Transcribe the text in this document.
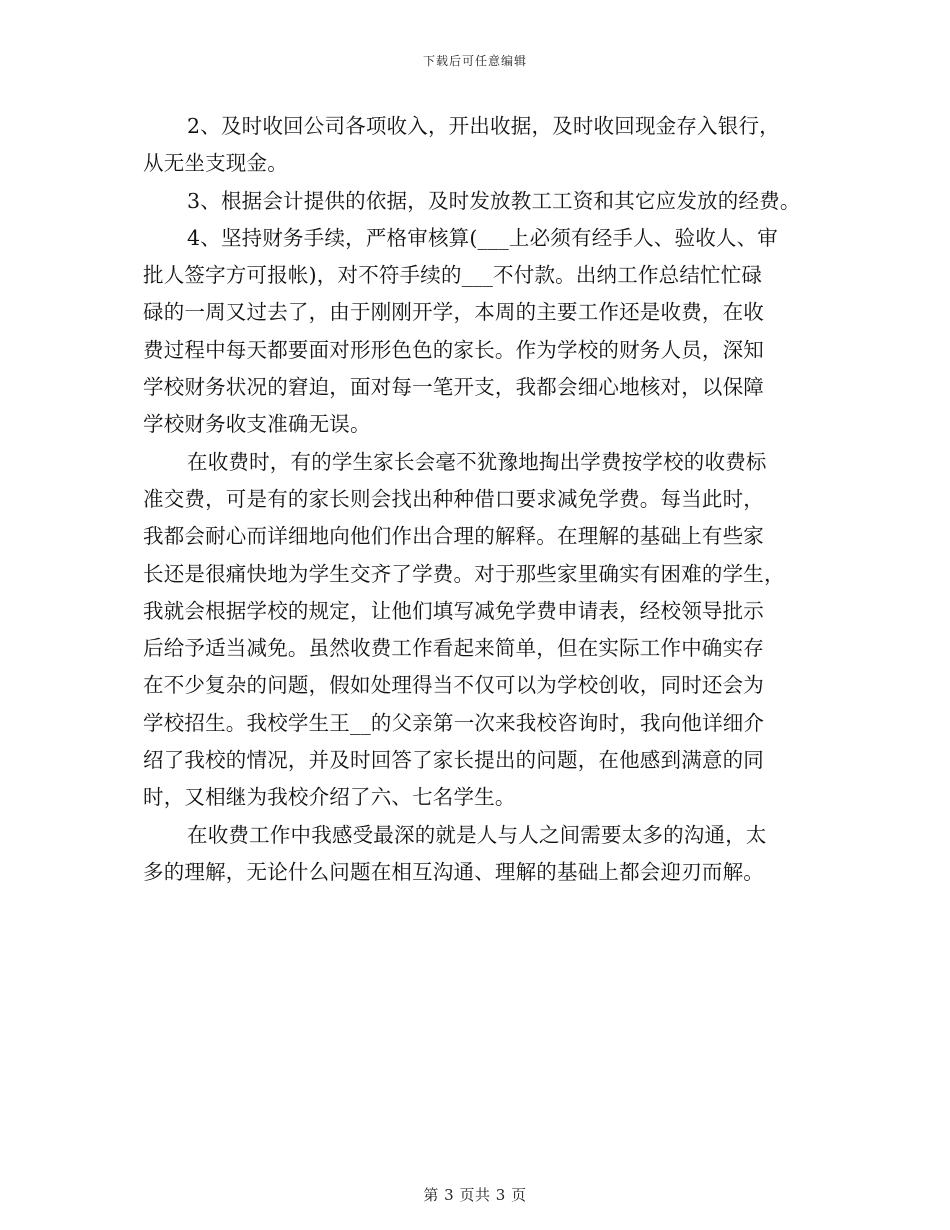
下载后可任意编辑
2、及时收回公司各项收入，开出收据，及时收回现金存入银行，
从无坐支现金。
3、根据会计提供的依据，及时发放教工工资和其它应发放的经费。
4、坚持财务手续，严格审核算(___上必须有经手人、验收人、审
批人签字方可报帐)，对不符手续的___不付款。出纳工作总结忙忙碌
碌的一周又过去了，由于刚刚开学，本周的主要工作还是收费，在收
费过程中每天都要面对形形色色的家长。作为学校的财务人员，深知
学校财务状况的窘迫，面对每一笔开支，我都会细心地核对，以保障
学校财务收支准确无误。
在收费时，有的学生家长会毫不犹豫地掏出学费按学校的收费标
准交费，可是有的家长则会找出种种借口要求减免学费。每当此时，
我都会耐心而详细地向他们作出合理的解释。在理解的基础上有些家
长还是很痛快地为学生交齐了学费。对于那些家里确实有困难的学生，
我就会根据学校的规定，让他们填写减免学费申请表，经校领导批示
后给予适当减免。虽然收费工作看起来简单，但在实际工作中确实存
在不少复杂的问题，假如处理得当不仅可以为学校创收，同时还会为
学校招生。我校学生王__的父亲第一次来我校咨询时，我向他详细介
绍了我校的情况，并及时回答了家长提出的问题，在他感到满意的同
时，又相继为我校介绍了六、七名学生。
在收费工作中我感受最深的就是人与人之间需要太多的沟通，太
多的理解，无论什么问题在相互沟通、理解的基础上都会迎刃而解。
第 3 页共 3 页
